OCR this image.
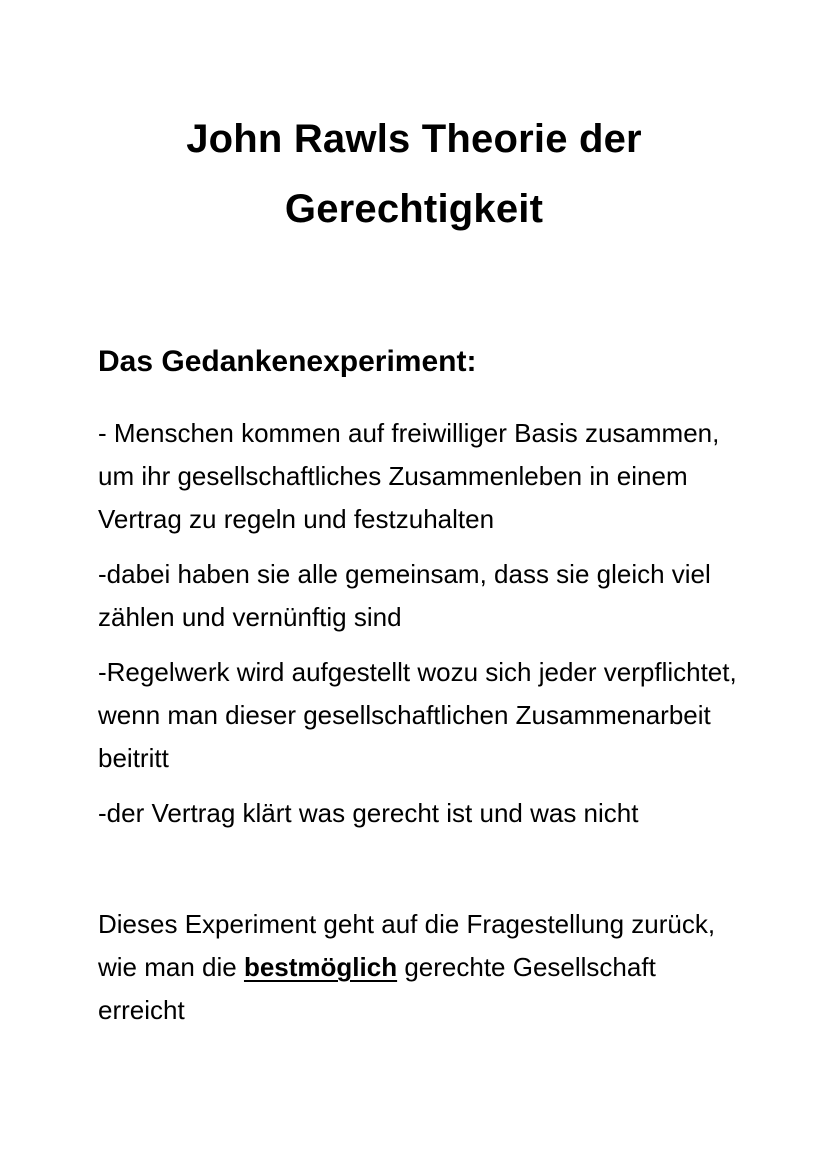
John Rawls Theorie der
Gerechtigkeit
Das Gedankenexperiment:

- Menschen kommen auf freiwilliger Basis zusammen, um ihr gesellschaftliches Zusammenleben in einem Vertrag zu regeln und festzuhalten

-dabei haben sie alle gemeinsam, dass sie gleich viel zählen und vernünftig sind

-Regelwerk wird aufgestellt wozu sich jeder verpflichtet, wenn man dieser gesellschaftlichen Zusammenarbeit beitritt

-der Vertrag klärt was gerecht ist und was nicht

Dieses Experiment geht auf die Fragestellung zurück, wie man die bestmöglich gerechte Gesellschaft erreicht
